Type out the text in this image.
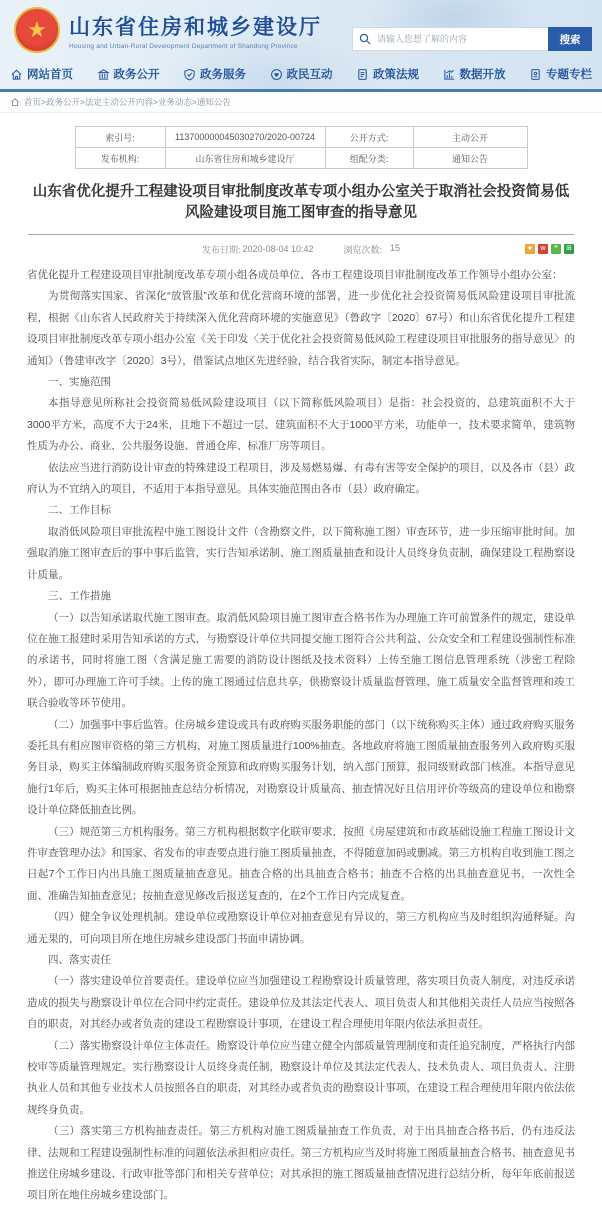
★	山东省住房和城乡建设厅
Housing and Urban-Rural Development Department of Shandong Province
请输入您想了解的内容
搜索
网站首页	政务公开	政务服务	政民互动	政策法规	数据开放	专题专栏
首页>政务公开>法定主动公开内容>业务动态>通知公告
索引号:	113700000045030270/2020-00724	公开方式:	主动公开
发布机构:	山东省住房和城乡建设厅	组配分类:	通知公告
山东省优化提升工程建设项目审批制度改革专项小组办公室关于取消社会投资简易低风险建设项目施工图审查的指导意见
发布日期: 2020-08-04 10:42	浏览次数: 15	★	w	❝	⊞

省优化提升工程建设项目审批制度改革专项小组各成员单位、各市工程建设项目审批制度改革工作领导小组办公室：

为贯彻落实国家、省深化“放管服”改革和优化营商环境的部署，进一步优化社会投资简易低风险建设项目审批流程，根据《山东省人民政府关于持续深入优化营商环境的实施意见》（鲁政字〔2020〕67号）和山东省优化提升工程建设项目审批制度改革专项小组办公室《关于印发〈关于优化社会投资简易低风险工程建设项目审批服务的指导意见〉的通知》（鲁建审改字〔2020〕3号），借鉴试点地区先进经验，结合我省实际，制定本指导意见。

一、实施范围

本指导意见所称社会投资简易低风险建设项目（以下简称低风险项目）是指：社会投资的，总建筑面积不大于3000平方米，高度不大于24米，且地下不超过一层、建筑面积不大于1000平方米，功能单一，技术要求简单，建筑物性质为办公、商业、公共服务设施、普通仓库、标准厂房等项目。

依法应当进行消防设计审查的特殊建设工程项目，涉及易燃易爆、有毒有害等安全保护的项目，以及各市（县）政府认为不宜纳入的项目，不适用于本指导意见。具体实施范围由各市（县）政府确定。

二、工作目标

取消低风险项目审批流程中施工图设计文件（含勘察文件，以下简称施工图）审查环节，进一步压缩审批时间。加强取消施工图审查后的事中事后监管，实行告知承诺制、施工图质量抽查和设计人员终身负责制，确保建设工程勘察设计质量。

三、工作措施

（一）以告知承诺取代施工图审查。取消低风险项目施工图审查合格书作为办理施工许可前置条件的规定，建设单位在施工报建时采用告知承诺的方式，与勘察设计单位共同提交施工图符合公共利益、公众安全和工程建设强制性标准的承诺书，同时将施工图（含满足施工需要的消防设计图纸及技术资料）上传至施工图信息管理系统（涉密工程除外），即可办理施工许可手续。上传的施工图通过信息共享，供勘察设计质量监督管理、施工质量安全监督管理和竣工联合验收等环节使用。

（二）加强事中事后监管。住房城乡建设或具有政府购买服务职能的部门（以下统称购买主体）通过政府购买服务委托具有相应图审资格的第三方机构，对施工图质量进行100%抽查。各地政府将施工图质量抽查服务列入政府购买服务目录，购买主体编制政府购买服务资金预算和政府购买服务计划，纳入部门预算，报同级财政部门核准。本指导意见施行1年后，购买主体可根据抽查总结分析情况，对勘察设计质量高、抽查情况好且信用评价等级高的建设单位和勘察设计单位降低抽查比例。

（三）规范第三方机构服务。第三方机构根据数字化联审要求，按照《房屋建筑和市政基础设施工程施工图设计文件审查管理办法》和国家、省发布的审查要点进行施工图质量抽查，不得随意加码或删减。第三方机构自收到施工图之日起7个工作日内出具施工图质量抽查意见。抽查合格的出具抽查合格书；抽查不合格的出具抽查意见书，一次性全面、准确告知抽查意见；按抽查意见修改后报送复查的，在2个工作日内完成复查。

（四）健全争议处理机制。建设单位或勘察设计单位对抽查意见有异议的，第三方机构应当及时组织沟通释疑。沟通无果的，可向项目所在地住房城乡建设部门书面申请协调。

四、落实责任

（一）落实建设单位首要责任。建设单位应当加强建设工程勘察设计质量管理，落实项目负责人制度，对违反承诺造成的损失与勘察设计单位在合同中约定责任。建设单位及其法定代表人、项目负责人和其他相关责任人员应当按照各自的职责，对其经办或者负责的建设工程勘察设计事项，在建设工程合理使用年限内依法承担责任。

（二）落实勘察设计单位主体责任。勘察设计单位应当建立健全内部质量管理制度和责任追究制度，严格执行内部校审等质量管理规定。实行勘察设计人员终身责任制，勘察设计单位及其法定代表人、技术负责人、项目负责人、注册执业人员和其他专业技术人员按照各自的职责，对其经办或者负责的勘察设计事项，在建设工程合理使用年限内依法依规终身负责。

（三）落实第三方机构抽查责任。第三方机构对施工图质量抽查工作负责，对于出具抽查合格书后，仍有违反法律、法规和工程建设强制性标准的问题依法承担相应责任。第三方机构应当及时将施工图质量抽查合格书、抽查意见书推送住房城乡建设、行政审批等部门和相关专营单位；对其承担的施工图质量抽查情况进行总结分析，每年年底前报送项目所在地住房城乡建设部门。
